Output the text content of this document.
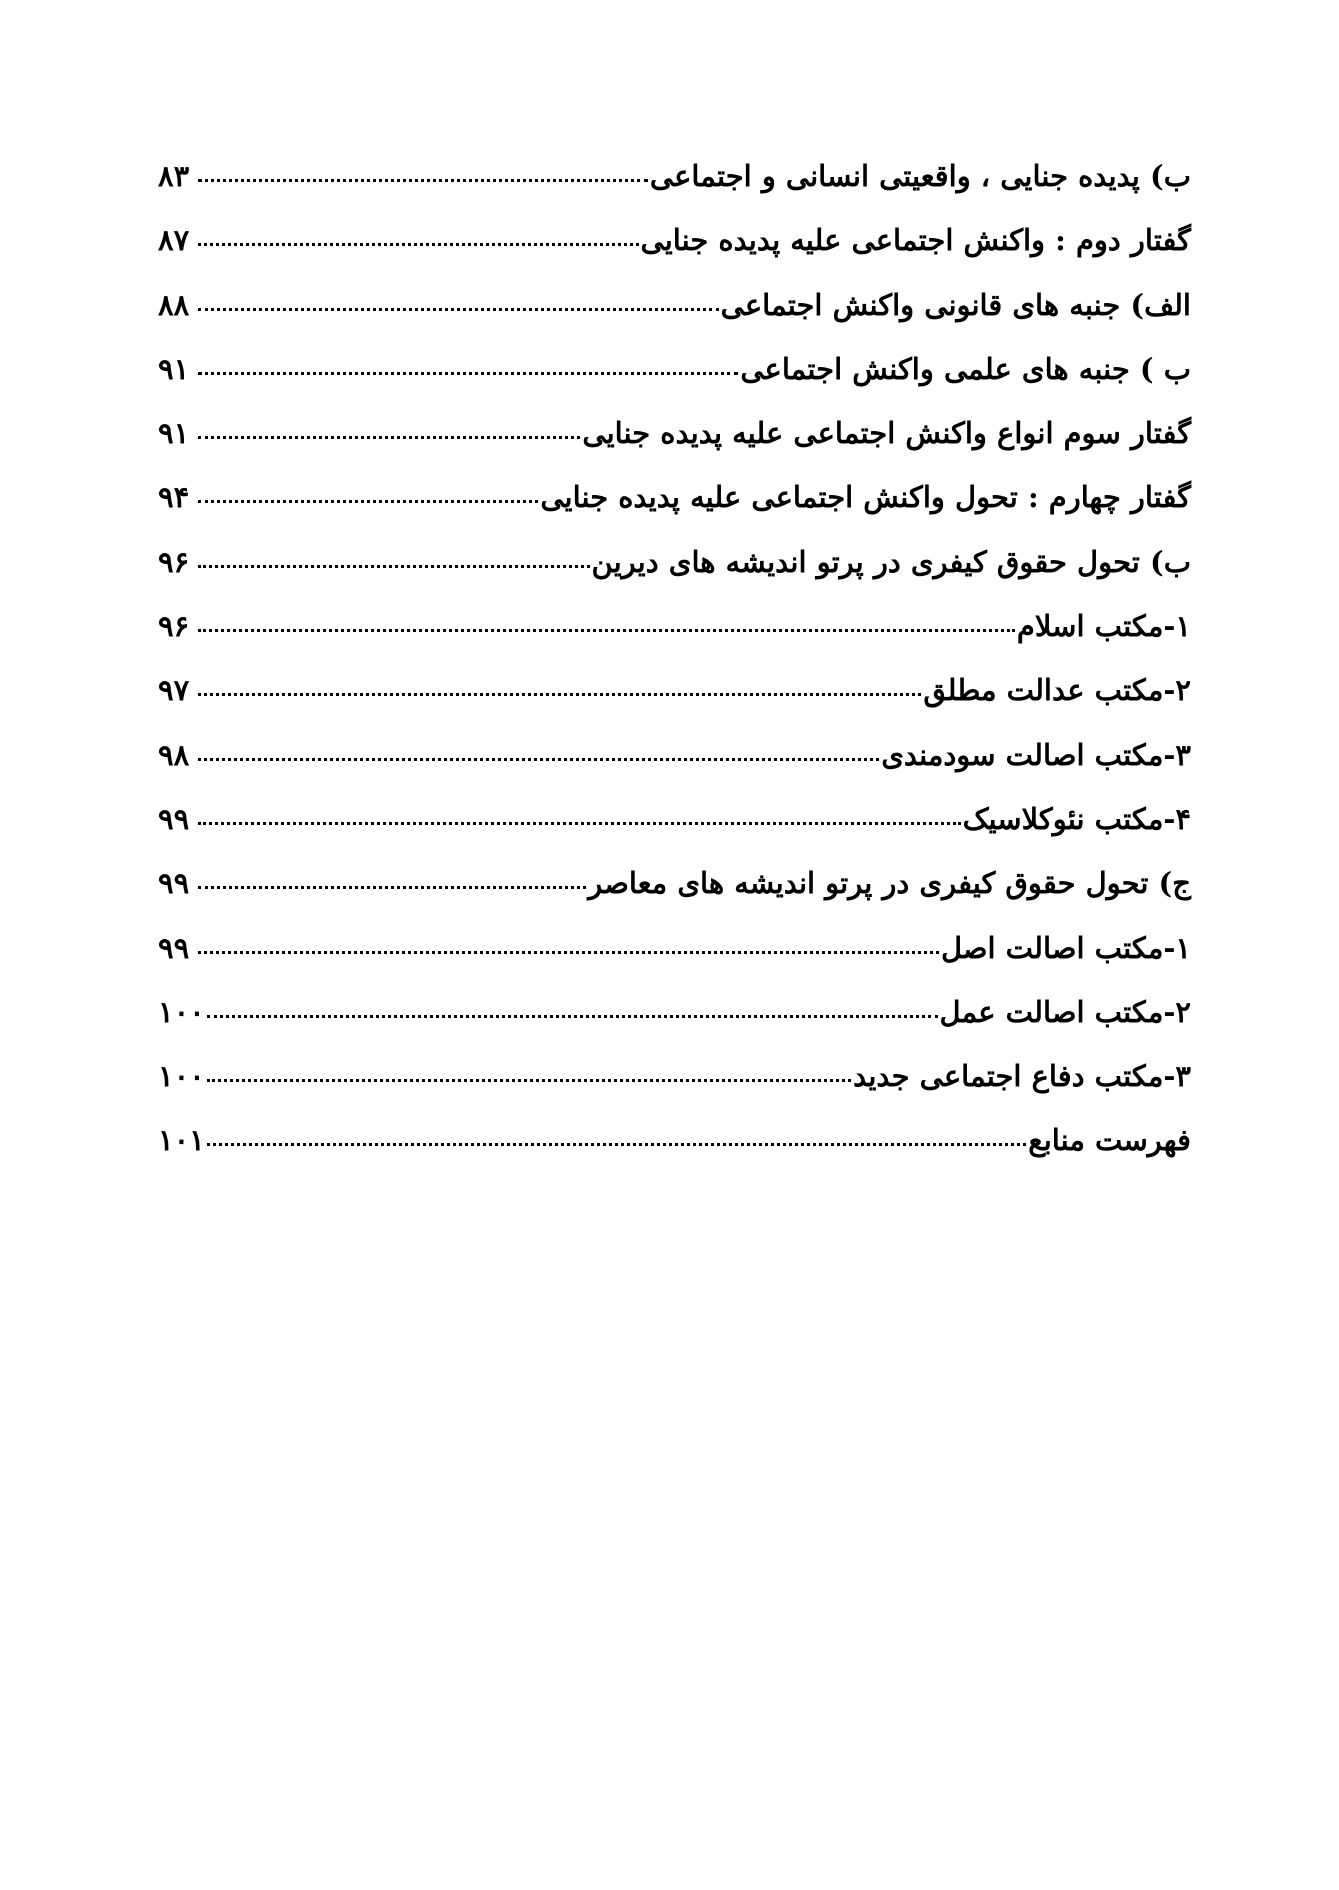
ب) پدیده جنایی ، واقعیتی انسانی و اجتماعی
۸۳
گفتار دوم : واکنش اجتماعی علیه پدیده جنایی
۸۷
الف) جنبه های قانونی واکنش اجتماعی
۸۸
ب ) جنبه های علمی واکنش اجتماعی
۹۱
گفتار سوم انواع واکنش اجتماعی علیه پدیده جنایی
۹۱
گفتار چهارم : تحول واکنش اجتماعی علیه پدیده جنایی
۹۴
ب) تحول حقوق کیفری در پرتو اندیشه های دیرین
۹۶
۱-مکتب اسلام
۹۶
۲-مکتب عدالت مطلق
۹۷
۳-مکتب اصالت سودمندی
۹۸
۴-مکتب نئوکلاسیک
۹۹
ج) تحول حقوق کیفری در پرتو اندیشه های معاصر
۹۹
۱-مکتب اصالت اصل
۹۹
۲-مکتب اصالت عمل
۱۰۰
۳-مکتب دفاع اجتماعی جدید
۱۰۰
فهرست منابع
۱۰۱
